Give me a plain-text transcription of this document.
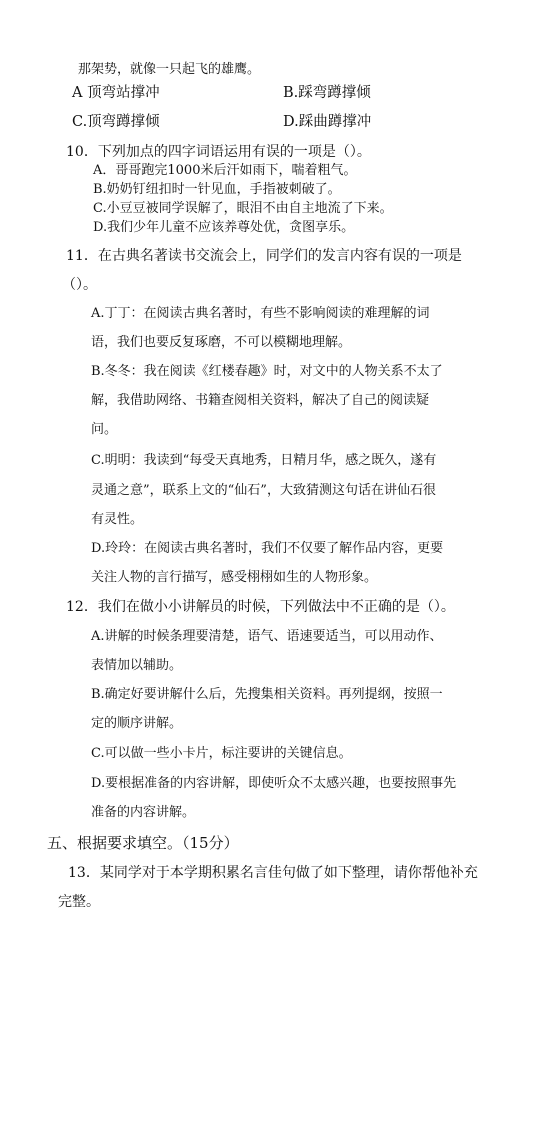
那架势，就像一只起飞的雄鹰。
A 顶弯站撑冲	B.踩弯蹲撑倾
C.顶弯蹲撑倾	D.踩曲蹲撑冲
10．下列加点的四字词语运用有误的一项是（）。
A．哥哥跑完1000米后汗如雨下，喘着粗气。
B.奶奶钉纽扣时一针见血，手指被刺破了。
C.小豆豆被同学误解了，眼泪不由自主地流了下来。
D.我们少年儿童不应该养尊处优，贪图享乐。
11．在古典名著读书交流会上，同学们的发言内容有误的一项是
（）。
A.丁丁：在阅读古典名著时，有些不影响阅读的难理解的词
语，我们也要反复琢磨，不可以模糊地理解。
B.冬冬：我在阅读《红楼春趣》时，对文中的人物关系不太了
解，我借助网络、书籍查阅相关资料，解决了自己的阅读疑
问。
C.明明：我读到“每受天真地秀，日精月华，感之既久，遂有
灵通之意”，联系上文的“仙石”，大致猜测这句话在讲仙石很
有灵性。
D.玲玲：在阅读古典名著时，我们不仅要了解作品内容，更要
关注人物的言行描写，感受栩栩如生的人物形象。
12．我们在做小小讲解员的时候，下列做法中不正确的是（）。
A.讲解的时候条理要清楚，语气、语速要适当，可以用动作、
表情加以辅助。
B.确定好要讲解什么后，先搜集相关资料。再列提纲，按照一
定的顺序讲解。
C.可以做一些小卡片，标注要讲的关键信息。
D.要根据准备的内容讲解，即使听众不太感兴趣，也要按照事先
准备的内容讲解。
五、根据要求填空。（15分）
13．某同学对于本学期积累名言佳句做了如下整理，请你帮他补充
完整。
